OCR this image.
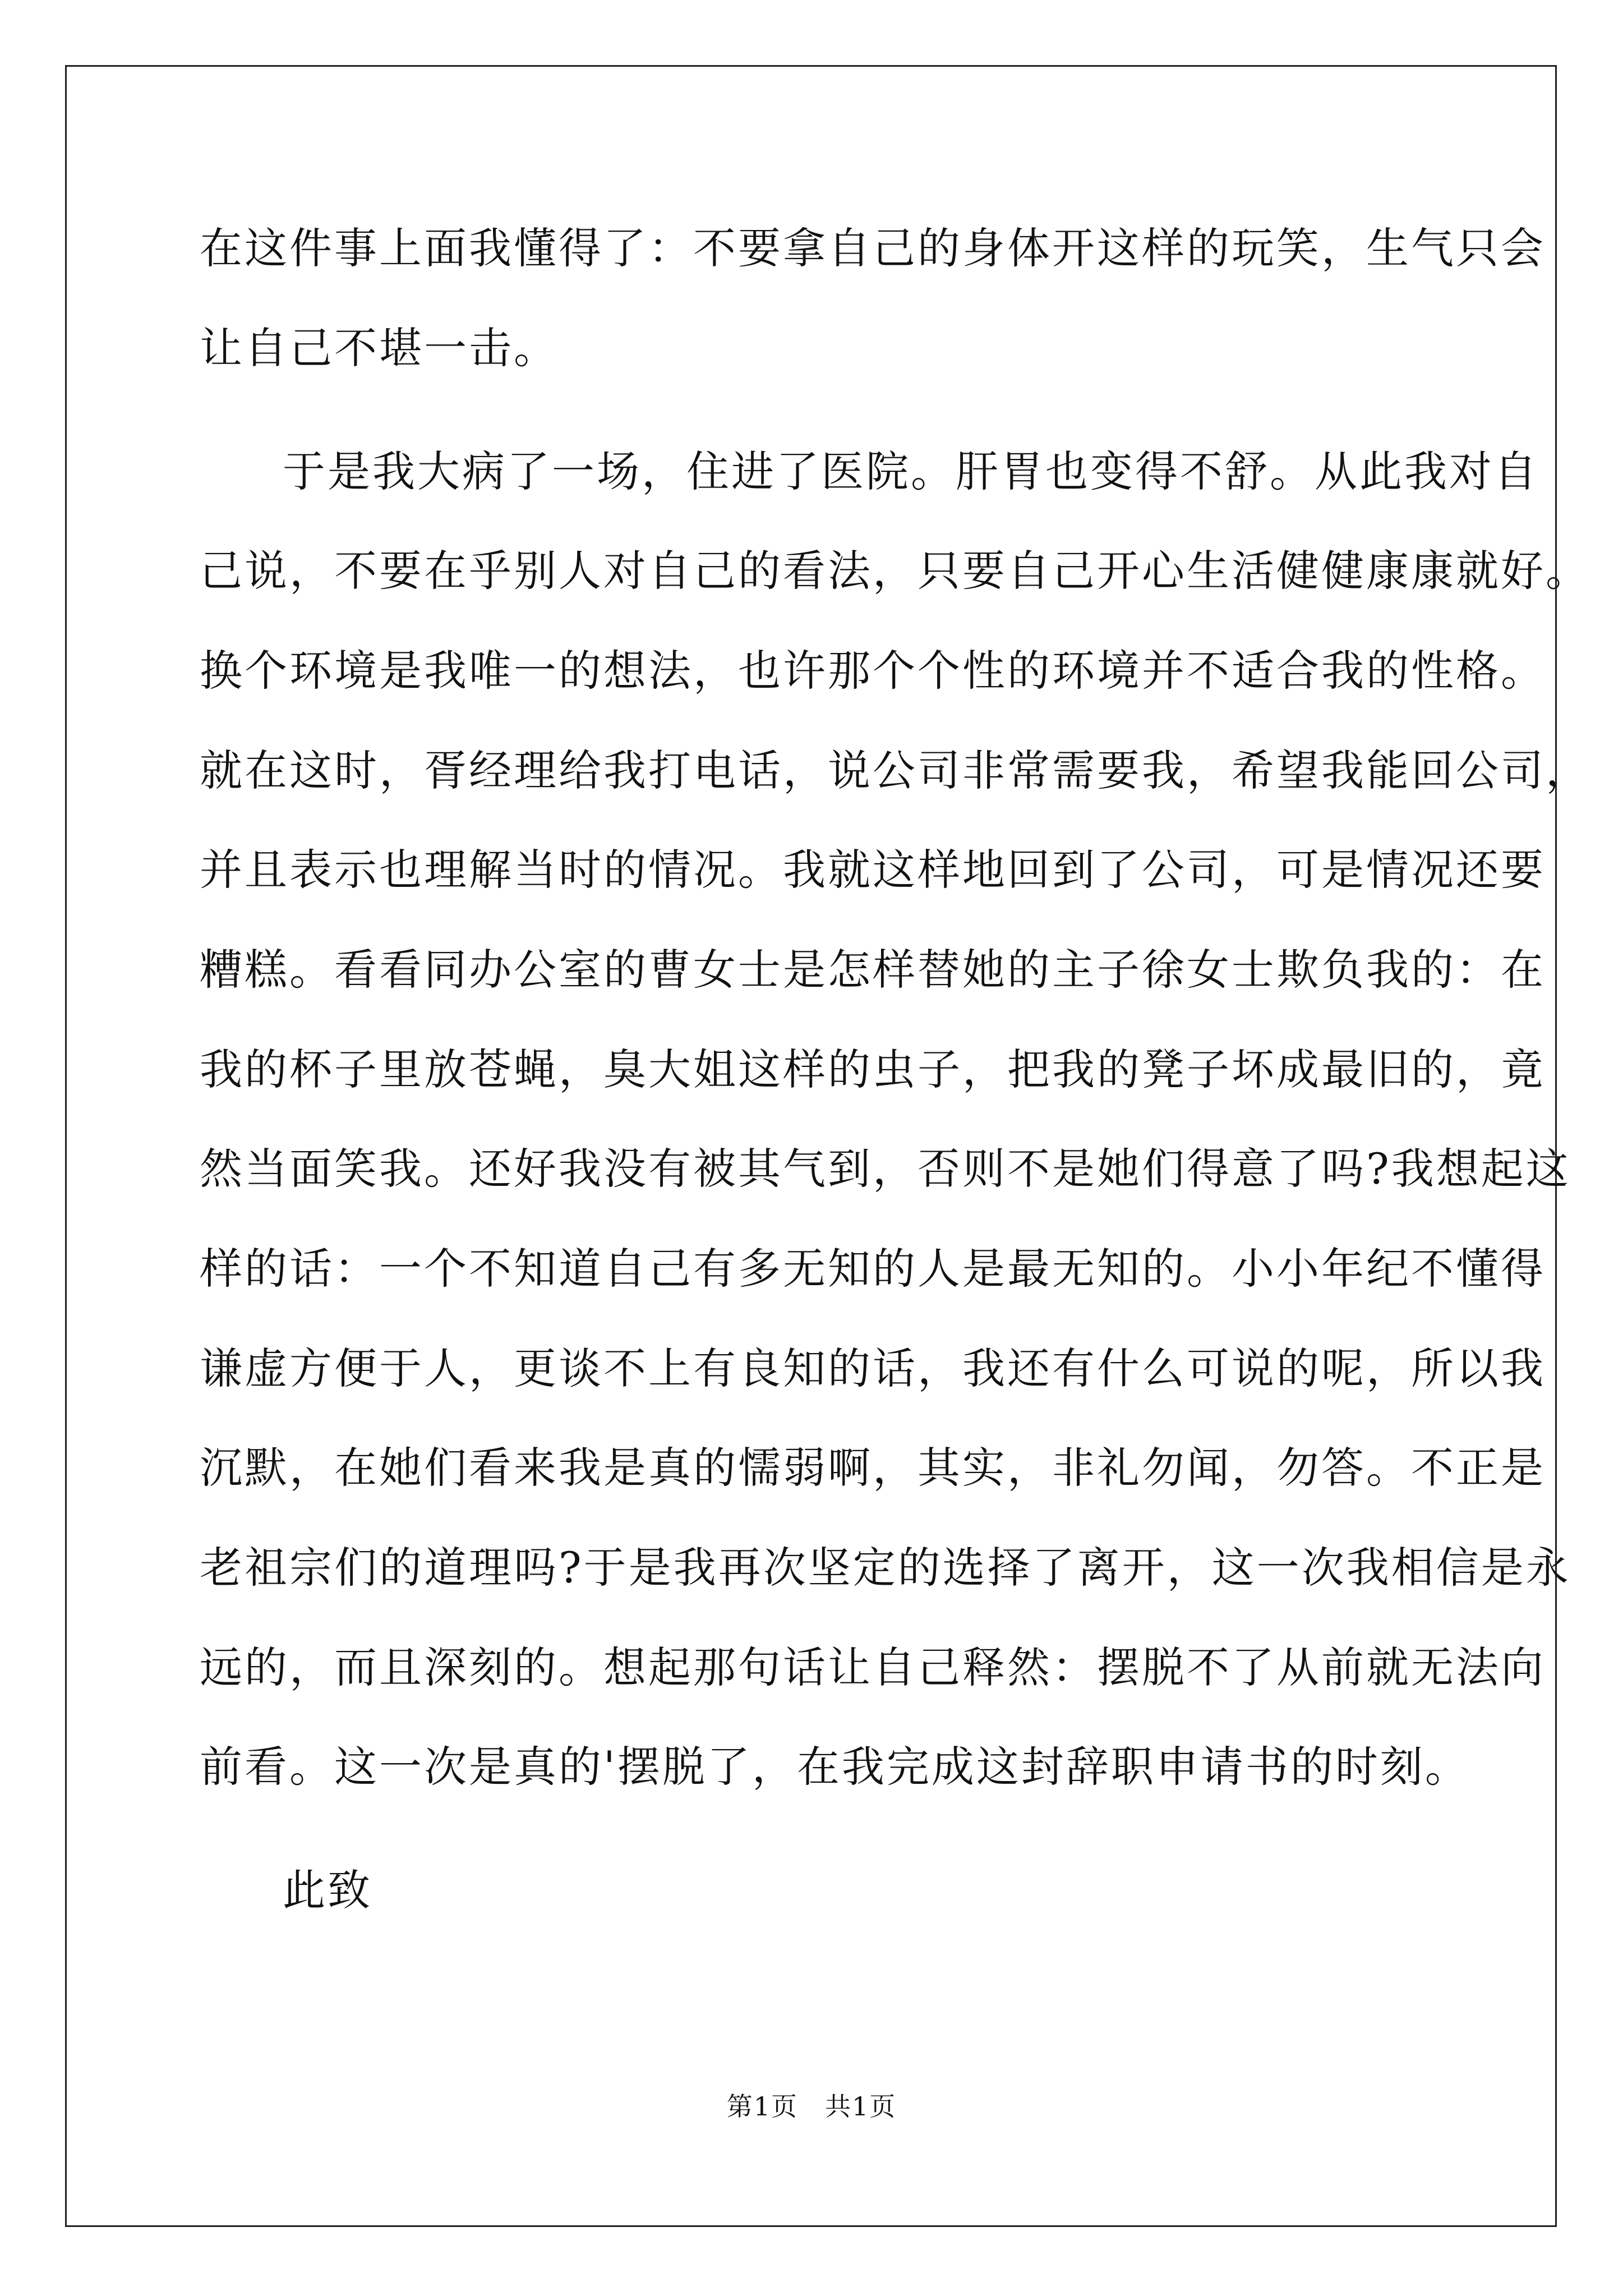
在这件事上面我懂得了：不要拿自己的身体开这样的玩笑，生气只会

让自己不堪一击。

于是我大病了一场，住进了医院。肝胃也变得不舒。从此我对自

己说，不要在乎别人对自己的看法，只要自己开心生活健健康康就好。

换个环境是我唯一的想法，也许那个个性的环境并不适合我的性格。

就在这时，胥经理给我打电话，说公司非常需要我，希望我能回公司，

并且表示也理解当时的情况。我就这样地回到了公司，可是情况还要

糟糕。看看同办公室的曹女士是怎样替她的主子徐女士欺负我的：在

我的杯子里放苍蝇，臭大姐这样的虫子，把我的凳子坏成最旧的，竟

然当面笑我。还好我没有被其气到，否则不是她们得意了吗?我想起这

样的话：一个不知道自己有多无知的人是最无知的。小小年纪不懂得

谦虚方便于人，更谈不上有良知的话，我还有什么可说的呢，所以我

沉默，在她们看来我是真的懦弱啊，其实，非礼勿闻，勿答。不正是

老祖宗们的道理吗?于是我再次坚定的选择了离开，这一次我相信是永

远的，而且深刻的。想起那句话让自己释然：摆脱不了从前就无法向

前看。这一次是真的'摆脱了，在我完成这封辞职申请书的时刻。

此致

第1页　共1页
